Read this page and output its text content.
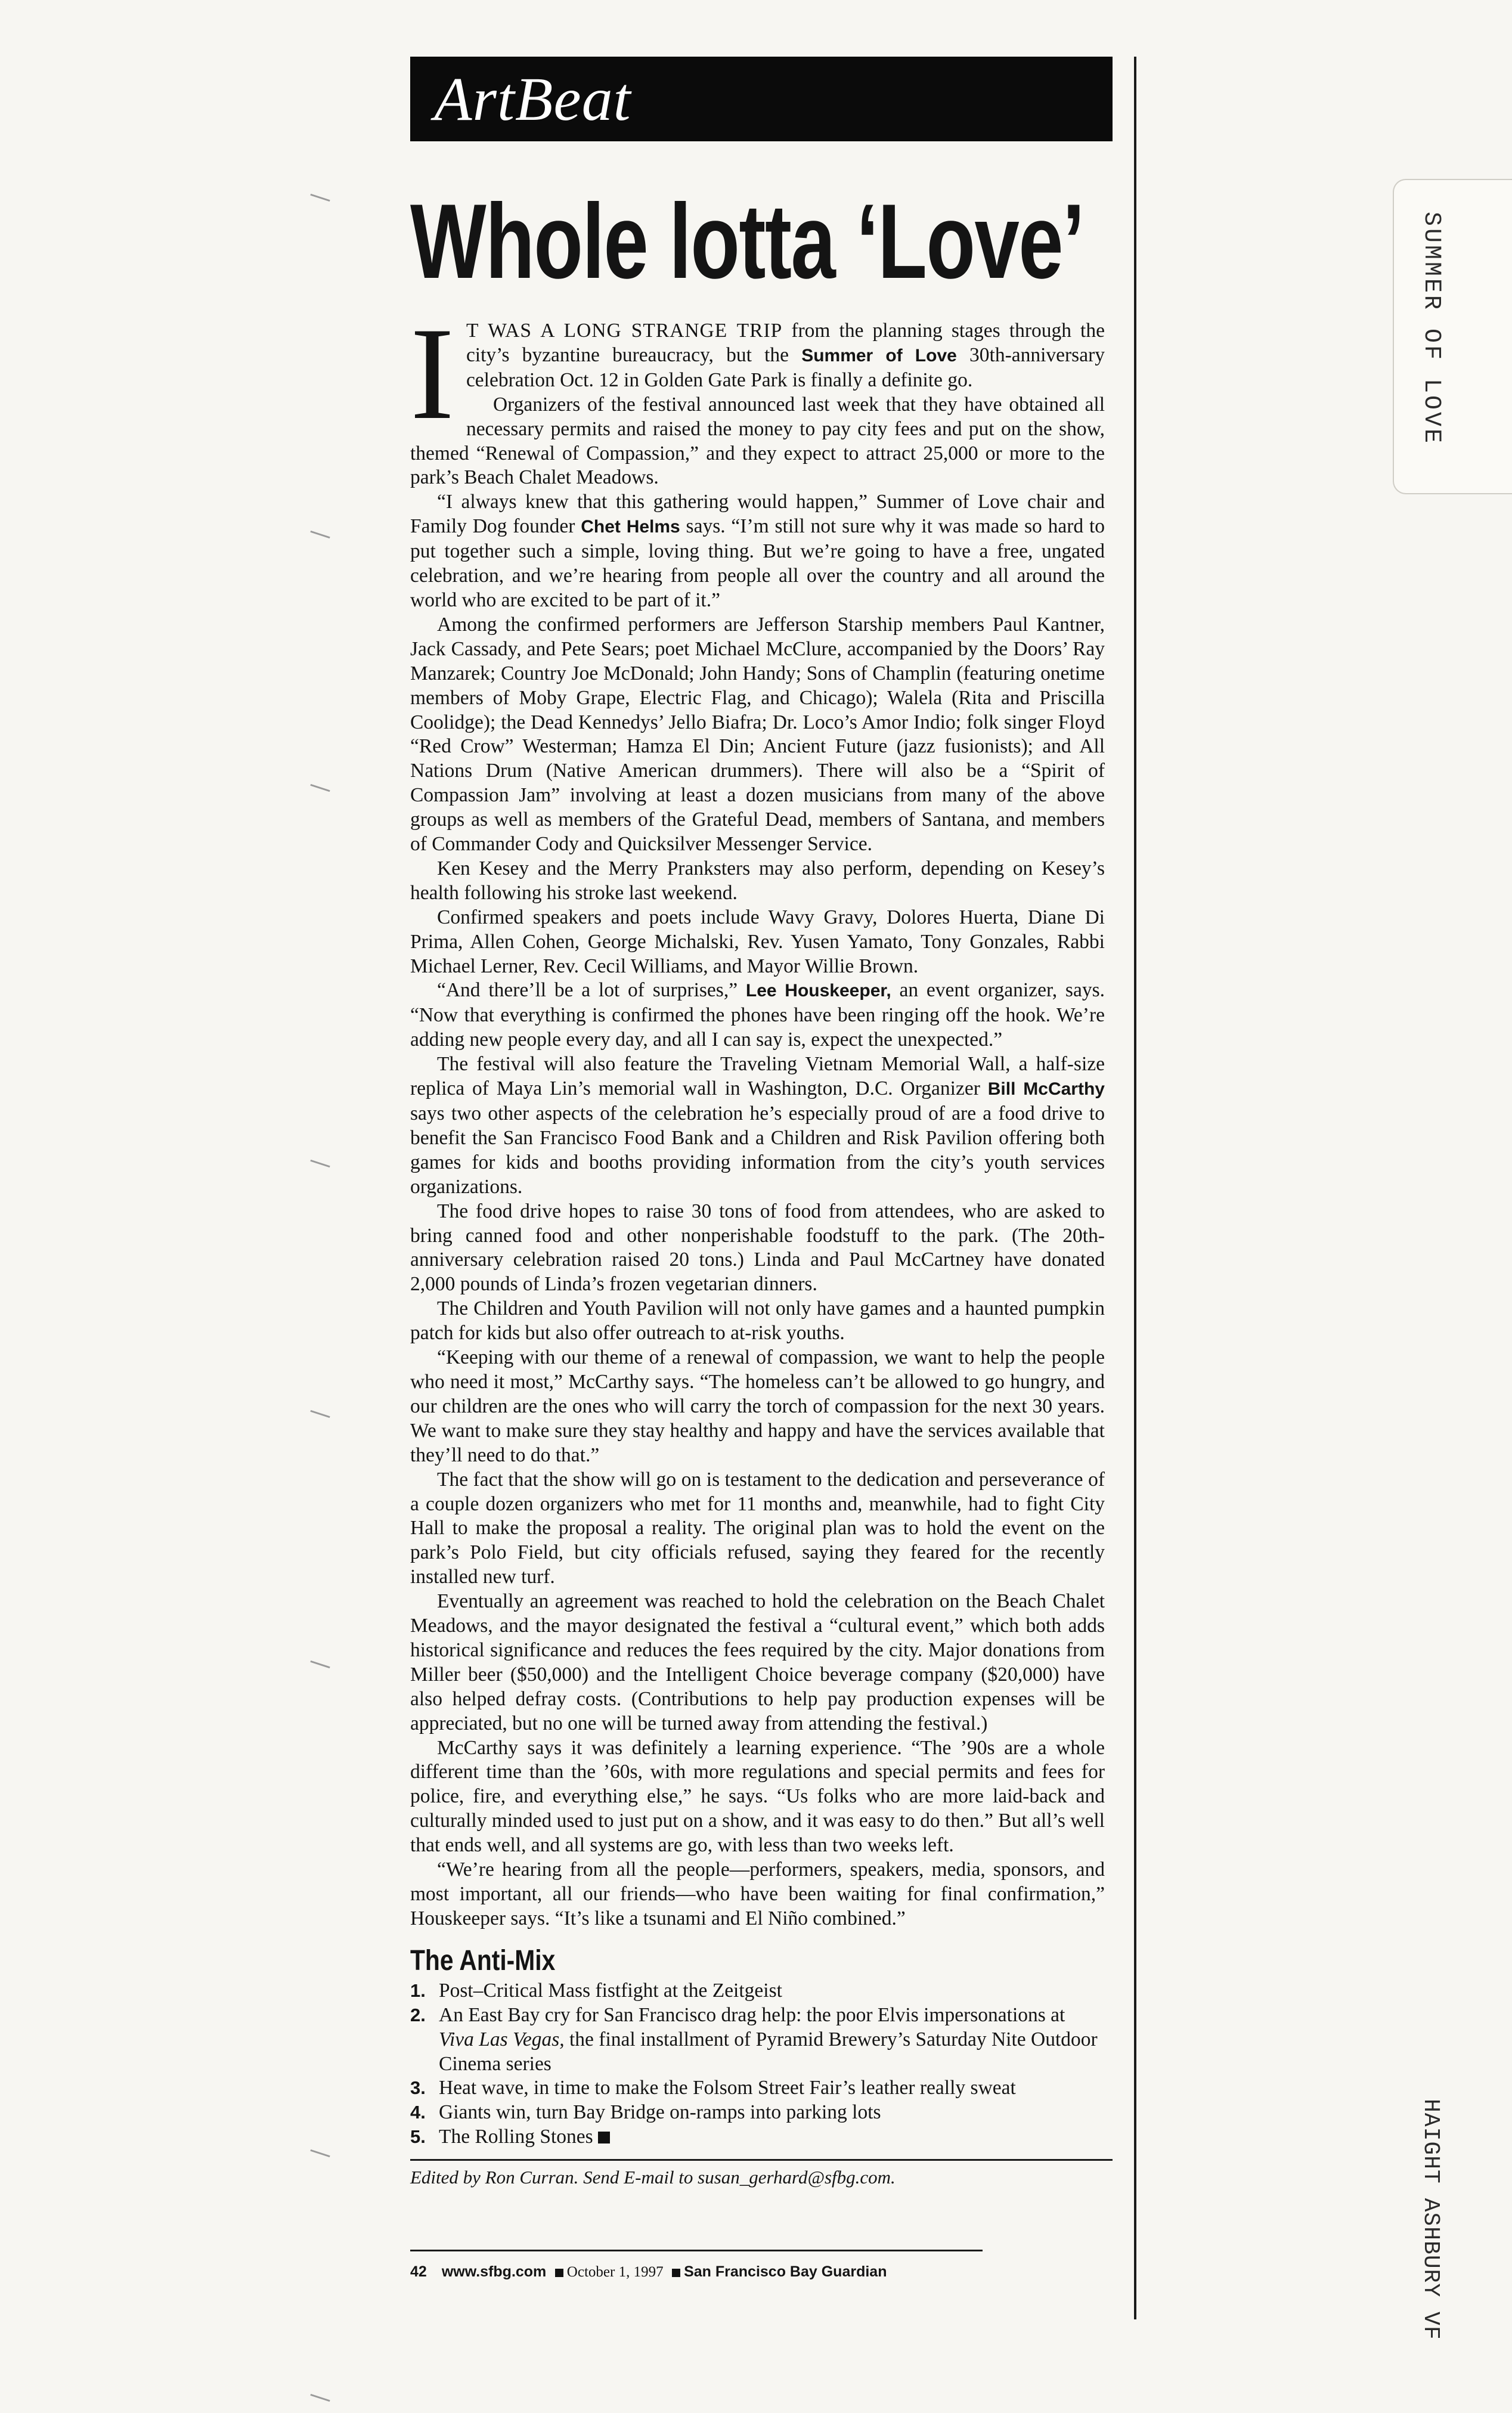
ArtBeat
Whole lotta ‘Love’

I T WAS A LONG STRANGE TRIP from the planning stages through the city’s byzantine bureaucracy, but the Summer of Love 30th-anniversary celebration Oct. 12 in Golden Gate Park is finally a definite go.

Organizers of the festival announced last week that they have obtained all necessary permits and raised the money to pay city fees and put on the show, themed “Renewal of Compassion,” and they expect to attract 25,000 or more to the park’s Beach Chalet Meadows.

“I always knew that this gathering would happen,” Summer of Love chair and Family Dog founder Chet Helms says. “I’m still not sure why it was made so hard to put together such a simple, loving thing. But we’re going to have a free, ungated celebration, and we’re hearing from people all over the country and all around the world who are excited to be part of it.”

Among the confirmed performers are Jefferson Starship members Paul Kantner, Jack Cassady, and Pete Sears; poet Michael McClure, accompanied by the Doors’ Ray Manzarek; Country Joe McDonald; John Handy; Sons of Champlin (featuring onetime members of Moby Grape, Electric Flag, and Chicago); Walela (Rita and Priscilla Coolidge); the Dead Kennedys’ Jello Biafra; Dr. Loco’s Amor Indio; folk singer Floyd “Red Crow” Westerman; Hamza El Din; Ancient Future (jazz fusionists); and All Nations Drum (Native American drummers). There will also be a “Spirit of Compassion Jam” involving at least a dozen musicians from many of the above groups as well as members of the Grateful Dead, members of Santana, and members of Commander Cody and Quicksilver Messenger Service.

Ken Kesey and the Merry Pranksters may also perform, depending on Kesey’s health following his stroke last weekend.

Confirmed speakers and poets include Wavy Gravy, Dolores Huerta, Diane Di Prima, Allen Cohen, George Michalski, Rev. Yusen Yamato, Tony Gonzales, Rabbi Michael Lerner, Rev. Cecil Williams, and Mayor Willie Brown.

“And there’ll be a lot of surprises,” Lee Houskeeper, an event organizer, says. “Now that everything is confirmed the phones have been ringing off the hook. We’re adding new people every day, and all I can say is, expect the unexpected.”

The festival will also feature the Traveling Vietnam Memorial Wall, a half-size replica of Maya Lin’s memorial wall in Washington, D.C. Organizer Bill McCarthy says two other aspects of the celebration he’s especially proud of are a food drive to benefit the San Francisco Food Bank and a Children and Risk Pavilion offering both games for kids and booths providing information from the city’s youth services organizations.

The food drive hopes to raise 30 tons of food from attendees, who are asked to bring canned food and other nonperishable foodstuff to the park. (The 20th-anniversary celebration raised 20 tons.) Linda and Paul McCartney have donated 2,000 pounds of Linda’s frozen vegetarian dinners.

The Children and Youth Pavilion will not only have games and a haunted pumpkin patch for kids but also offer outreach to at-risk youths.

“Keeping with our theme of a renewal of compassion, we want to help the people who need it most,” McCarthy says. “The homeless can’t be allowed to go hungry, and our children are the ones who will carry the torch of compassion for the next 30 years. We want to make sure they stay healthy and happy and have the services available that they’ll need to do that.”

The fact that the show will go on is testament to the dedication and perseverance of a couple dozen organizers who met for 11 months and, meanwhile, had to fight City Hall to make the proposal a reality. The original plan was to hold the event on the park’s Polo Field, but city officials refused, saying they feared for the recently installed new turf.

Eventually an agreement was reached to hold the celebration on the Beach Chalet Meadows, and the mayor designated the festival a “cultural event,” which both adds historical significance and reduces the fees required by the city. Major donations from Miller beer ($50,000) and the Intelligent Choice beverage company ($20,000) have also helped defray costs. (Contributions to help pay production expenses will be appreciated, but no one will be turned away from attending the festival.)

McCarthy says it was definitely a learning experience. “The ’90s are a whole different time than the ’60s, with more regulations and special permits and fees for police, fire, and everything else,” he says. “Us folks who are more laid-back and culturally minded used to just put on a show, and it was easy to do then.” But all’s well that ends well, and all systems are go, with less than two weeks left.

“We’re hearing from all the people—performers, speakers, media, sponsors, and most important, all our friends—who have been waiting for final confirmation,” Houskeeper says. “It’s like a tsunami and El Niño combined.”

The Anti-Mix
1. Post–Critical Mass fistfight at the Zeitgeist
2. An East Bay cry for San Francisco drag help: the poor Elvis impersonations at Viva Las Vegas, the final installment of Pyramid Brewery’s Saturday Nite Outdoor Cinema series
3. Heat wave, in time to make the Folsom Street Fair’s leather really sweat
4. Giants win, turn Bay Bridge on-ramps into parking lots
5. The Rolling Stones
Edited by Ron Curran. Send E-mail to susan_gerhard@sfbg.com.
42 www.sfbg.com October 1, 1997 San Francisco Bay Guardian
SUMMER OF LOVE
HAIGHT ASHBURY VF
